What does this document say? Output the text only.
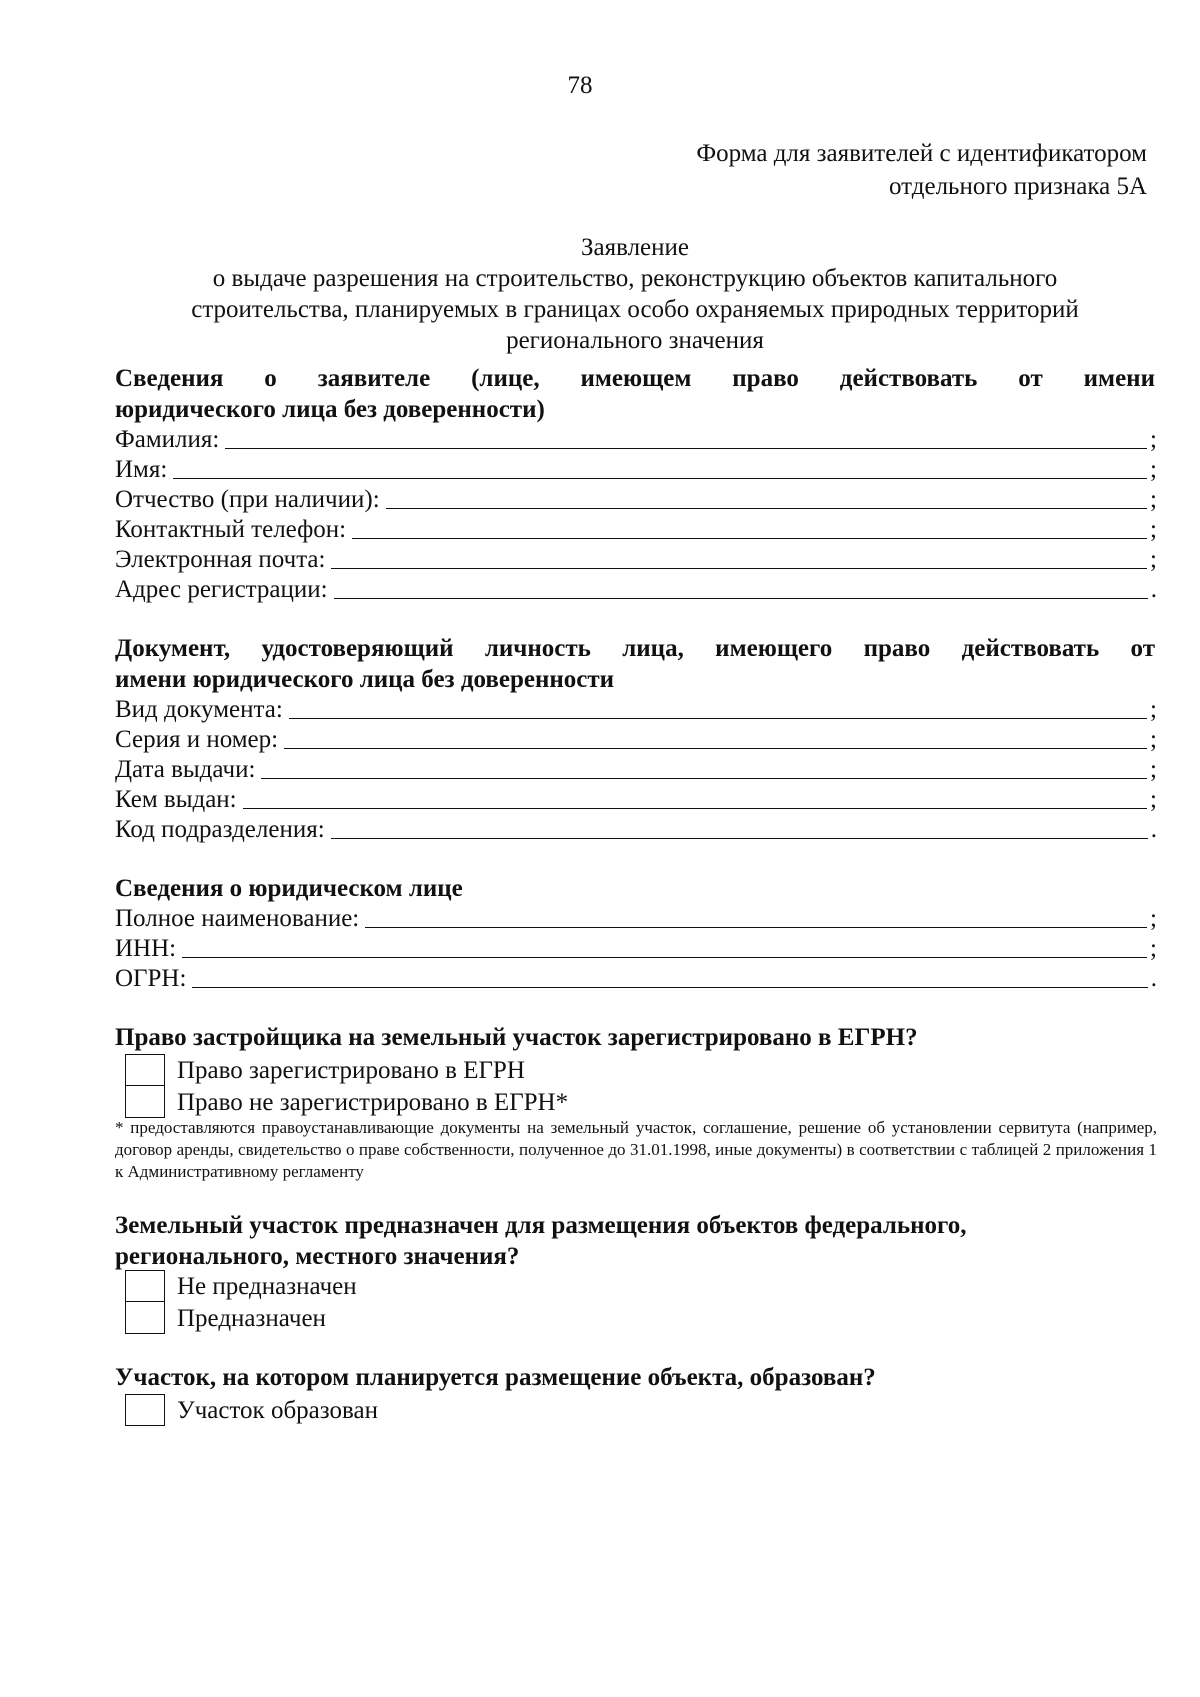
78
Форма для заявителей с идентификатором
отдельного признака 5А
Заявление
о выдаче разрешения на строительство, реконструкцию объектов капитального
строительства, планируемых в границах особо охраняемых природных территорий
регионального значения
Сведения о заявителе (лице, имеющем право действовать от имени
юридического лица без доверенности)
Фамилия:	;
Имя:	;
Отчество (при наличии):	;
Контактный телефон:	;
Электронная почта:	;
Адрес регистрации:	.
Документ, удостоверяющий личность лица, имеющего право действовать от
имени юридического лица без доверенности
Вид документа:	;
Серия и номер:	;
Дата выдачи:	;
Кем выдан:	;
Код подразделения:	.
Сведения о юридическом лице
Полное наименование:	;
ИНН:	;
ОГРН:	.
Право застройщика на земельный участок зарегистрировано в ЕГРН?
Право зарегистрировано в ЕГРН
Право не зарегистрировано в ЕГРН*
* предоставляются правоустанавливающие документы на земельный участок, соглашение, решение об установлении сервитута (например, договор аренды, свидетельство о праве собственности, полученное до 31.01.1998, иные документы) в соответствии с таблицей 2 приложения 1 к Административному регламенту
Земельный участок предназначен для размещения объектов федерального,
регионального, местного значения?
Не предназначен
Предназначен
Участок, на котором планируется размещение объекта, образован?
Участок образован
